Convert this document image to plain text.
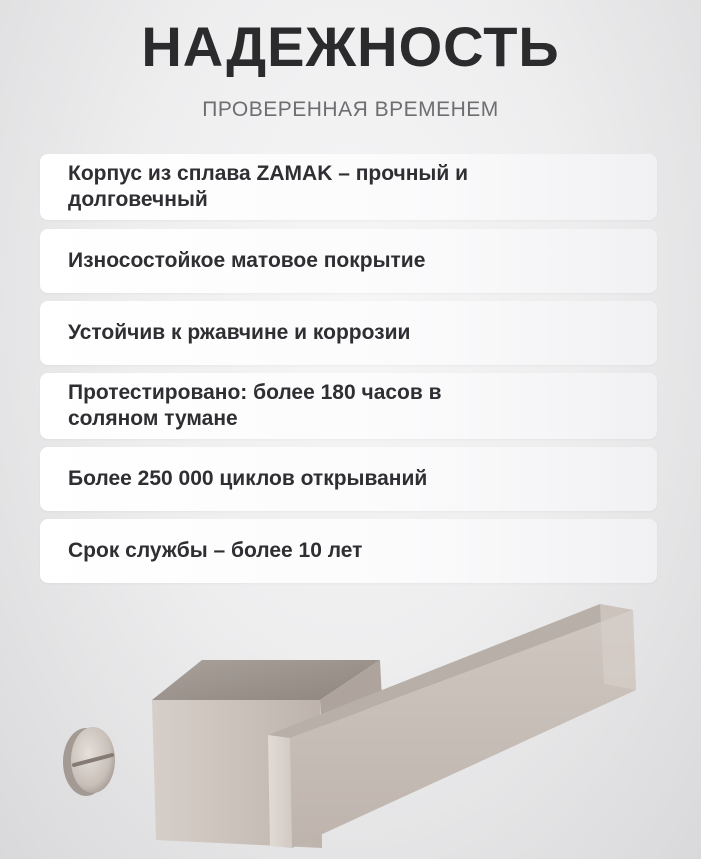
НАДЕЖНОСТЬ
ПРОВЕРЕННАЯ ВРЕМЕНЕМ
Корпус из сплава ZAMAK – прочный и долговечный
Износостойкое матовое покрытие
Устойчив к ржавчине и коррозии
Протестировано: более 180 часов в соляном тумане
Более 250 000 циклов открываний
Срок службы – более 10 лет
